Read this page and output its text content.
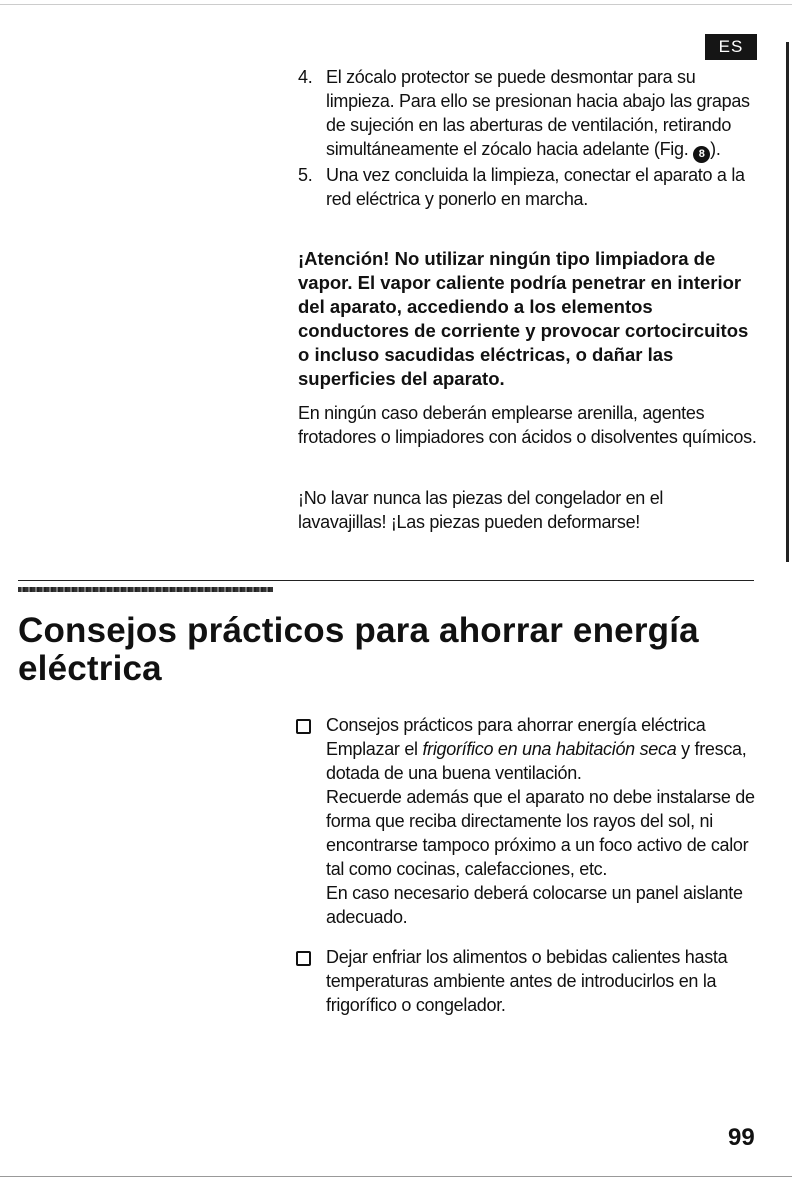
ES
4. El zócalo protector se puede desmontar para su limpieza. Para ello se presionan hacia abajo las grapas de sujeción en las aberturas de ventilación, retirando simultáneamente el zócalo hacia adelante (Fig. 8 ).
5. Una vez concluida la limpieza, conectar el aparato a la red eléctrica y ponerlo en marcha.
¡Atención! No utilizar ningún tipo limpiadora de vapor. El vapor caliente podría penetrar en interior del aparato, accediendo a los elementos conductores de corriente y provocar cortocircuitos o incluso sacudidas eléctricas, o dañar las superficies del aparato.
En ningún caso deberán emplearse arenilla, agentes frotadores o limpiadores con ácidos o disolventes químicos.
¡No lavar nunca las piezas del congelador en el lavavajillas! ¡Las piezas pueden deformarse!
Consejos prácticos para ahorrar energía eléctrica
Consejos prácticos para ahorrar energía eléctrica
Emplazar el frigorífico en una habitación seca y fresca, dotada de una buena ventilación.
Recuerde además que el aparato no debe instalarse de forma que reciba directamente los rayos del sol, ni encontrarse tampoco próximo a un foco activo de calor tal como cocinas, calefacciones, etc.
En caso necesario deberá colocarse un panel aislante adecuado.
Dejar enfriar los alimentos o bebidas calientes hasta temperaturas ambiente antes de introducirlos en la frigorífico o congelador.
99
